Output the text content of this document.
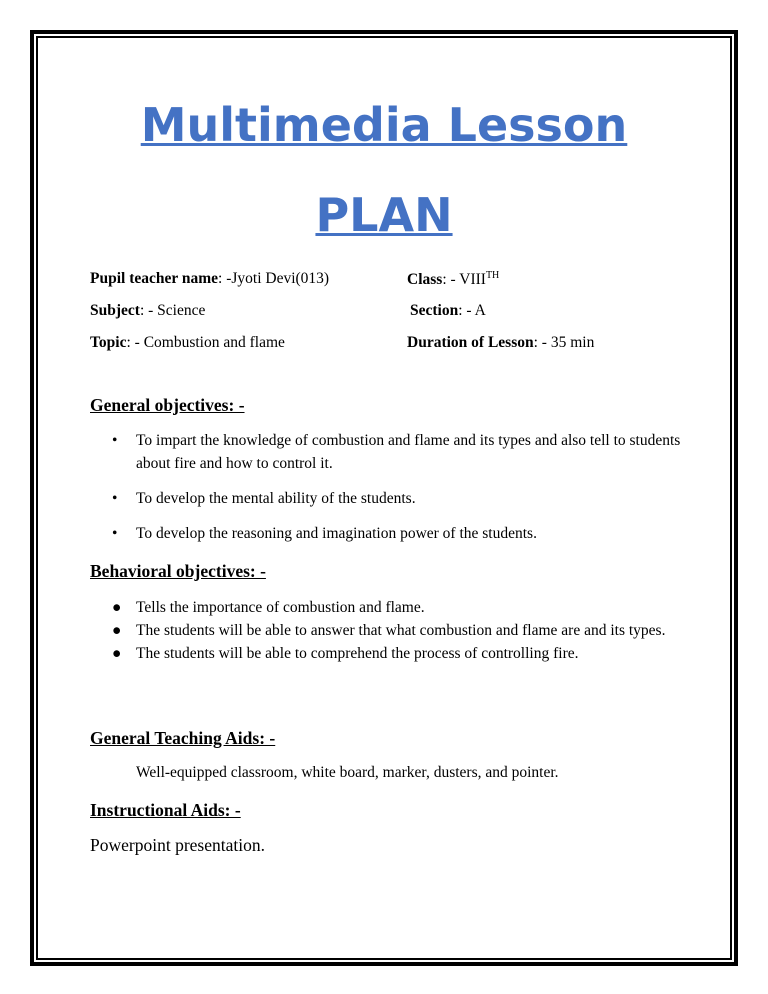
Multimedia Lesson
PLAN
Pupil teacher name: -Jyoti Devi(013)	Class: - VIIITH
Subject: - Science	Section: - A
Topic: - Combustion and flame	Duration of Lesson: - 35 min
General objectives: -
• To impart the knowledge of combustion and flame and its types and also tell to students about fire and how to control it.
• To develop the mental ability of the students.
• To develop the reasoning and imagination power of the students.
Behavioral objectives: -
● Tells the importance of combustion and flame.
● The students will be able to answer that what combustion and flame are and its types.
● The students will be able to comprehend the process of controlling fire.
General Teaching Aids: -
Well-equipped classroom, white board, marker, dusters, and pointer.
Instructional Aids: -
Powerpoint presentation.
